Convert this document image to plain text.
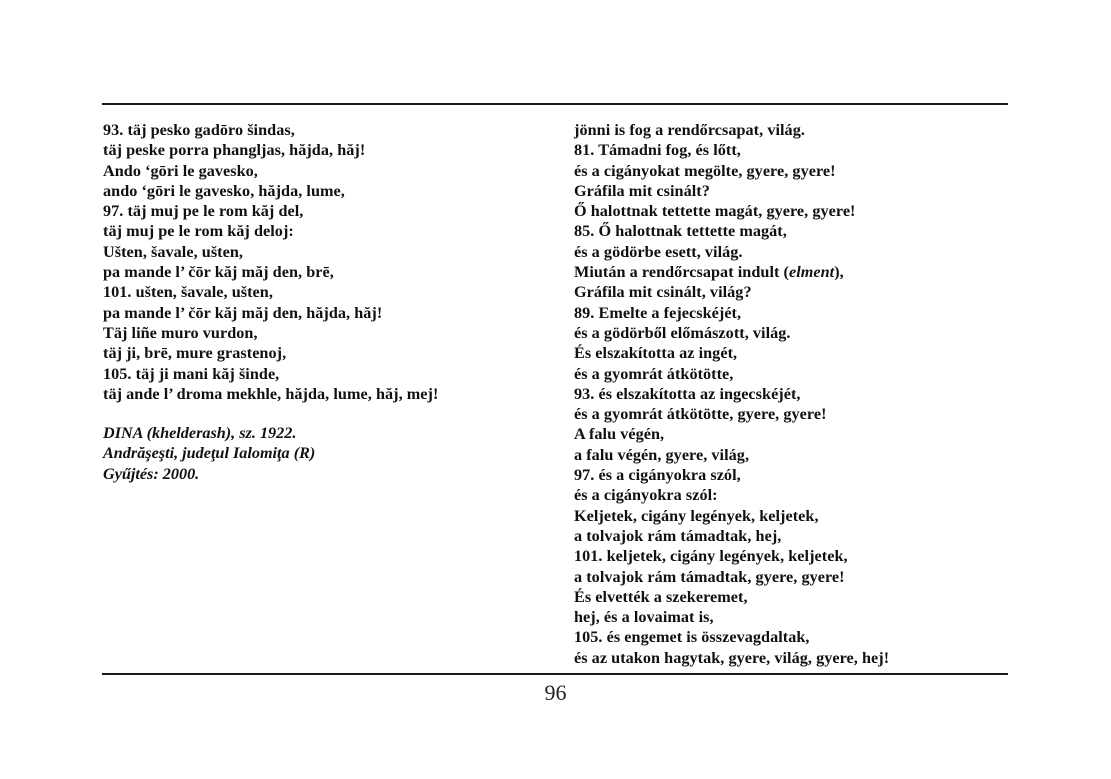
93. täj pesko gadōro šindas,
täj peske porra phangljas, hăjda, hăj!
Ando ‘gōri le gavesko,
ando ‘gōri le gavesko, hăjda, lume,
97. täj muj pe le rom kăj del,
täj muj pe le rom kăj deloj:
Ušten, šavale, ušten,
pa mande l’ čōr kăj măj den, brē,
101. ušten, šavale, ušten,
pa mande l’ čōr kăj măj den, hăjda, hăj!
Täj liñe muro vurdon,
täj ji, brē, mure grastenoj,
105. täj ji mani kăj šinde,
täj ande l’ droma mekhle, hăjda, lume, hăj, mej!
DINA (khelderash), sz. 1922.
Andrăşeşti, judeţul Ialomiţa (R)
Gyűjtés: 2000.
jönni is fog a rendőrcsapat, világ.
81. Támadni fog, és lőtt,
és a cigányokat megölte, gyere, gyere!
Gráfila mit csinált?
Ő halottnak tettette magát, gyere, gyere!
85. Ő halottnak tettette magát,
és a gödörbe esett, világ.
Miután a rendőrcsapat indult (elment),
Gráfila mit csinált, világ?
89. Emelte a fejecskéjét,
és a gödörből előmászott, világ.
És elszakította az ingét,
és a gyomrát átkötötte,
93. és elszakította az ingecskéjét,
és a gyomrát átkötötte, gyere, gyere!
A falu végén,
a falu végén, gyere, világ,
97. és a cigányokra szól,
és a cigányokra szól:
Keljetek, cigány legények, keljetek,
a tolvajok rám támadtak, hej,
101. keljetek, cigány legények, keljetek,
a tolvajok rám támadtak, gyere, gyere!
És elvették a szekeremet,
hej, és a lovaimat is,
105. és engemet is összevagdaltak,
és az utakon hagytak, gyere, világ, gyere, hej!
96
